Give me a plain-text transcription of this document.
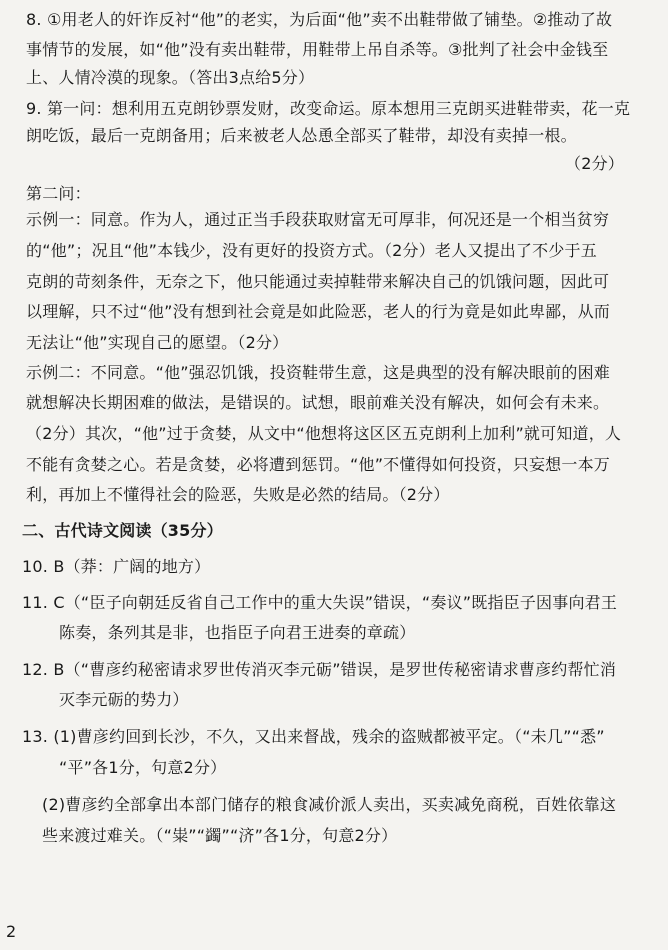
8. ①用老人的奸诈反衬“他”的老实，为后面“他”卖不出鞋带做了铺垫。②推动了故
事情节的发展，如“他”没有卖出鞋带，用鞋带上吊自杀等。③批判了社会中金钱至
上、人情冷漠的现象。（答出3点给5分）
9. 第一问：想利用五克朗钞票发财，改变命运。原本想用三克朗买进鞋带卖，花一克
朗吃饭，最后一克朗备用；后来被老人怂恿全部买了鞋带，却没有卖掉一根。
（2分）
第二问：
示例一：同意。作为人，通过正当手段获取财富无可厚非，何况还是一个相当贫穷
的“他”；况且“他”本钱少，没有更好的投资方式。（2分）老人又提出了不少于五
克朗的苛刻条件，无奈之下，他只能通过卖掉鞋带来解决自己的饥饿问题，因此可
以理解，只不过“他”没有想到社会竟是如此险恶，老人的行为竟是如此卑鄙，从而
无法让“他”实现自己的愿望。（2分）
示例二：不同意。“他”强忍饥饿，投资鞋带生意，这是典型的没有解决眼前的困难
就想解决长期困难的做法，是错误的。试想，眼前难关没有解决，如何会有未来。
（2分）其次，“他”过于贪婪，从文中“他想将这区区五克朗利上加利”就可知道，人
不能有贪婪之心。若是贪婪，必将遭到惩罚。“他”不懂得如何投资，只妄想一本万
利，再加上不懂得社会的险恶，失败是必然的结局。（2分）
二、古代诗文阅读（35分）
10. B（莽：广阔的地方）
11. C（“臣子向朝廷反省自己工作中的重大失误”错误，“奏议”既指臣子因事向君王
陈奏，条列其是非，也指臣子向君王进奏的章疏）
12. B（“曹彦约秘密请求罗世传消灭李元砺”错误，是罗世传秘密请求曹彦约帮忙消
灭李元砺的势力）
13. (1)曹彦约回到长沙，不久，又出来督战，残余的盗贼都被平定。（“未几”“悉”
“平”各1分，句意2分）
(2)曹彦约全部拿出本部门储存的粮食减价派人卖出，买卖减免商税，百姓依靠这
些来渡过难关。（“粜”“蠲”“济”各1分，句意2分）
2
